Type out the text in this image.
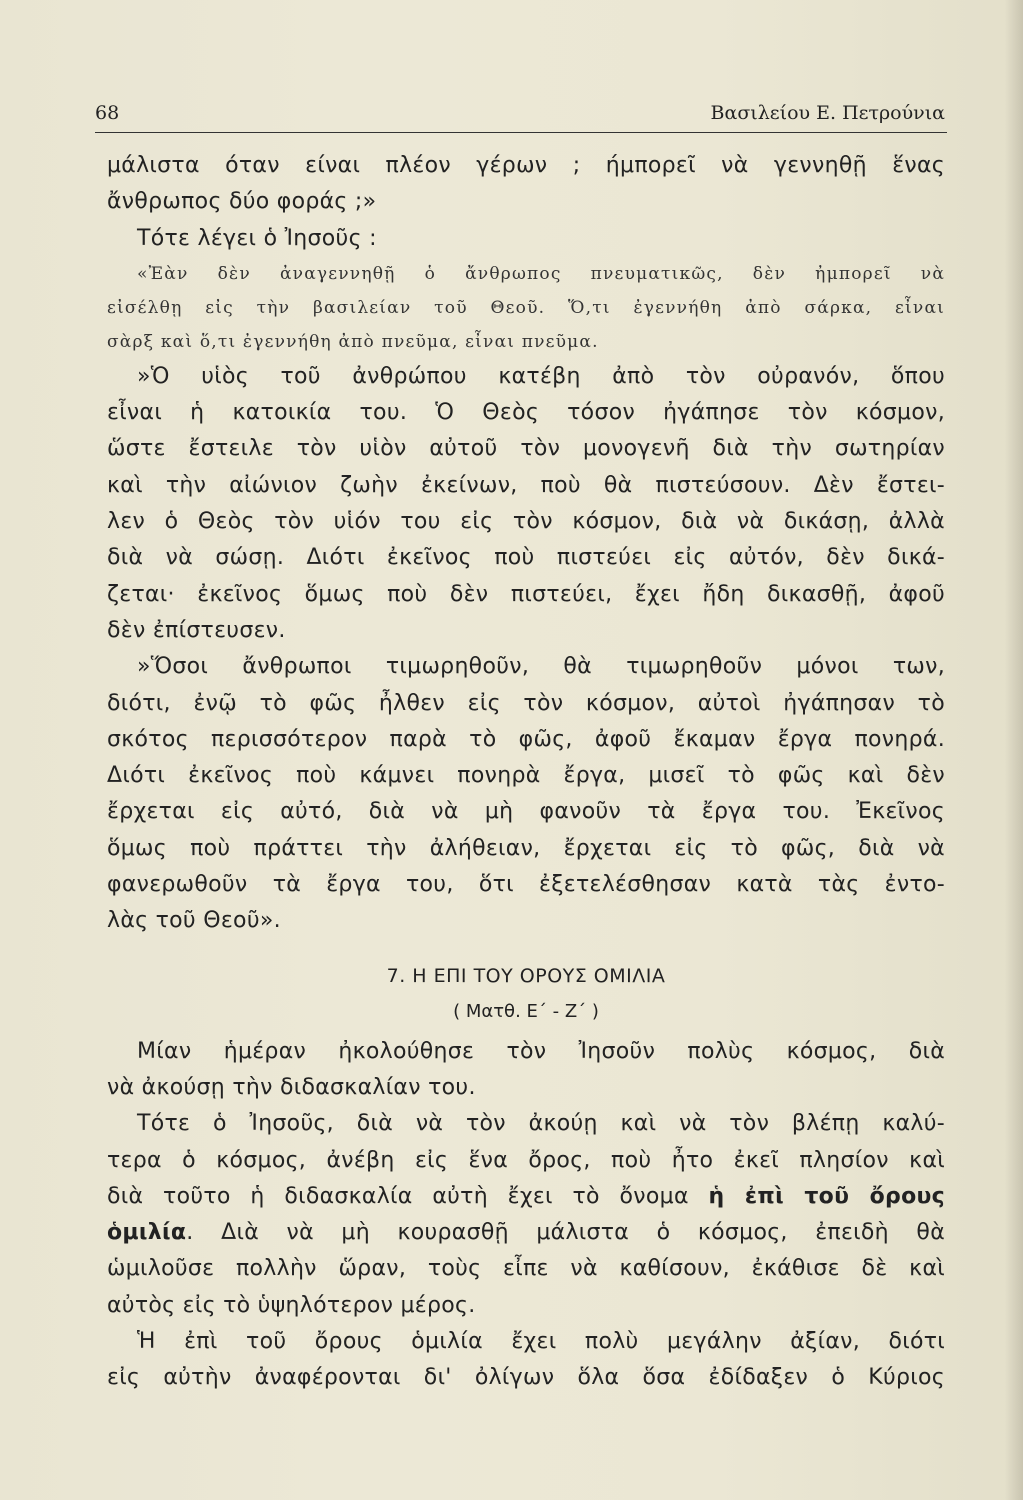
68	Βασιλείου Ε. Πετρούνια

μάλιστα όταν είναι πλέον γέρων ; ήμπορεῖ νὰ γεννηθῇ ἕνας

ἄνθρωπος δύο φοράς ;»

Τότε λέγει ὁ Ἰησοῦς :

«Ἐὰν δὲν ἀναγεννηθῇ ὁ ἄνθρωπος πνευματικῶς, δὲν ἠμπορεῖ νὰ

εἰσέλθῃ εἰς τὴν βασιλείαν τοῦ Θεοῦ. Ὅ,τι ἐγεννήθη ἀπὸ σάρκα, εἶναι

σὰρξ καὶ ὅ,τι ἐγεννήθη ἀπὸ πνεῦμα, εἶναι πνεῦμα.

»Ὁ υἱὸς τοῦ ἀνθρώπου κατέβη ἀπὸ τὸν οὐρανόν, ὅπου

εἶναι ἡ κατοικία του. Ὁ Θεὸς τόσον ἠγάπησε τὸν κόσμον,

ὥστε ἔστειλε τὸν υἱὸν αὐτοῦ τὸν μονογενῆ διὰ τὴν σωτηρίαν

καὶ τὴν αἰώνιον ζωὴν ἐκείνων, ποὺ θὰ πιστεύσουν. Δὲν ἔστει-

λεν ὁ Θεὸς τὸν υἱόν του εἰς τὸν κόσμον, διὰ νὰ δικάσῃ, ἀλλὰ

διὰ νὰ σώσῃ. Διότι ἐκεῖνος ποὺ πιστεύει εἰς αὐτόν, δὲν δικά-

ζεται· ἐκεῖνος ὅμως ποὺ δὲν πιστεύει, ἔχει ἤδη δικασθῇ, ἀφοῦ

δὲν ἐπίστευσεν.

»Ὅσοι ἄνθρωποι τιμωρηθοῦν, θὰ τιμωρηθοῦν μόνοι των,

διότι, ἐνῷ τὸ φῶς ἦλθεν εἰς τὸν κόσμον, αὐτοὶ ἠγάπησαν τὸ

σκότος περισσότερον παρὰ τὸ φῶς, ἀφοῦ ἔκαμαν ἔργα πονηρά.

Διότι ἐκεῖνος ποὺ κάμνει πονηρὰ ἔργα, μισεῖ τὸ φῶς καὶ δὲν

ἔρχεται εἰς αὐτό, διὰ νὰ μὴ φανοῦν τὰ ἔργα του. Ἐκεῖνος

ὅμως ποὺ πράττει τὴν ἀλήθειαν, ἔρχεται εἰς τὸ φῶς, διὰ νὰ

φανερωθοῦν τὰ ἔργα του, ὅτι ἐξετελέσθησαν κατὰ τὰς ἐντο-

λὰς τοῦ Θεοῦ».

7. Η ΕΠΙ ΤΟΥ ΟΡΟΥΣ ΟΜΙΛΙΑ
( Ματθ. Ε΄ - Ζ΄ )

Μίαν ἡμέραν ἠκολούθησε τὸν Ἰησοῦν πολὺς κόσμος, διὰ

νὰ ἀκούσῃ τὴν διδασκαλίαν του.

Τότε ὁ Ἰησοῦς, διὰ νὰ τὸν ἀκούῃ καὶ νὰ τὸν βλέπῃ καλύ-

τερα ὁ κόσμος, ἀνέβη εἰς ἕνα ὄρος, ποὺ ἦτο ἐκεῖ πλησίον καὶ

διὰ τοῦτο ἡ διδασκαλία αὐτὴ ἔχει τὸ ὄνομα ἡ ἐπὶ τοῦ ὄρους

ὁμιλία. Διὰ νὰ μὴ κουρασθῇ μάλιστα ὁ κόσμος, ἐπειδὴ θὰ

ὡμιλοῦσε πολλὴν ὥραν, τοὺς εἶπε νὰ καθίσουν, ἐκάθισε δὲ καὶ

αὐτὸς εἰς τὸ ὑψηλότερον μέρος.

Ἡ ἐπὶ τοῦ ὄρους ὁμιλία ἔχει πολὺ μεγάλην ἀξίαν, διότι

εἰς αὐτὴν ἀναφέρονται δι' ὀλίγων ὅλα ὅσα ἐδίδαξεν ὁ Κύριος
